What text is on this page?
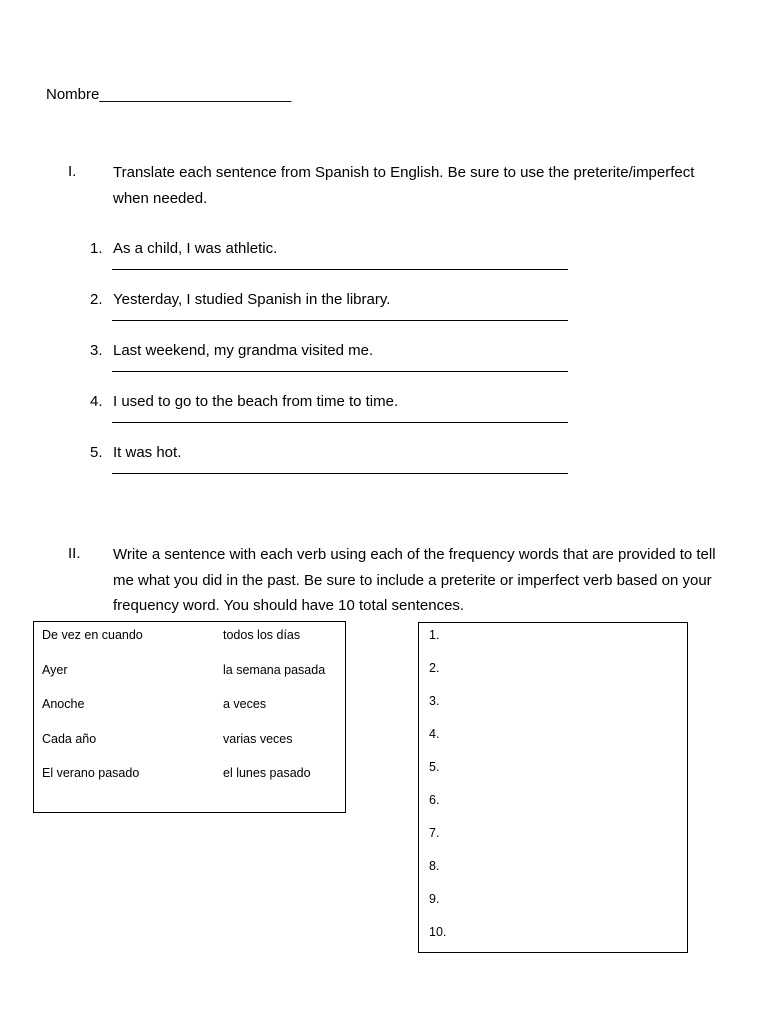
Nombre_______________________
I. Translate each sentence from Spanish to English. Be sure to use the preterite/imperfect when needed.
1. As a child, I was athletic.
2. Yesterday, I studied Spanish in the library.
3. Last weekend, my grandma visited me.
4. I used to go to the beach from time to time.
5. It was hot.
II. Write a sentence with each verb using each of the frequency words that are provided to tell me what you did in the past. Be sure to include a preterite or imperfect verb based on your frequency word. You should have 10 total sentences.
De vez en cuando
Ayer
Anoche
Cada año
El verano pasado
todos los días
la semana pasada
a veces
varias veces
el lunes pasado
1.
2.
3.
4.
5.
6.
7.
8.
9.
10.
